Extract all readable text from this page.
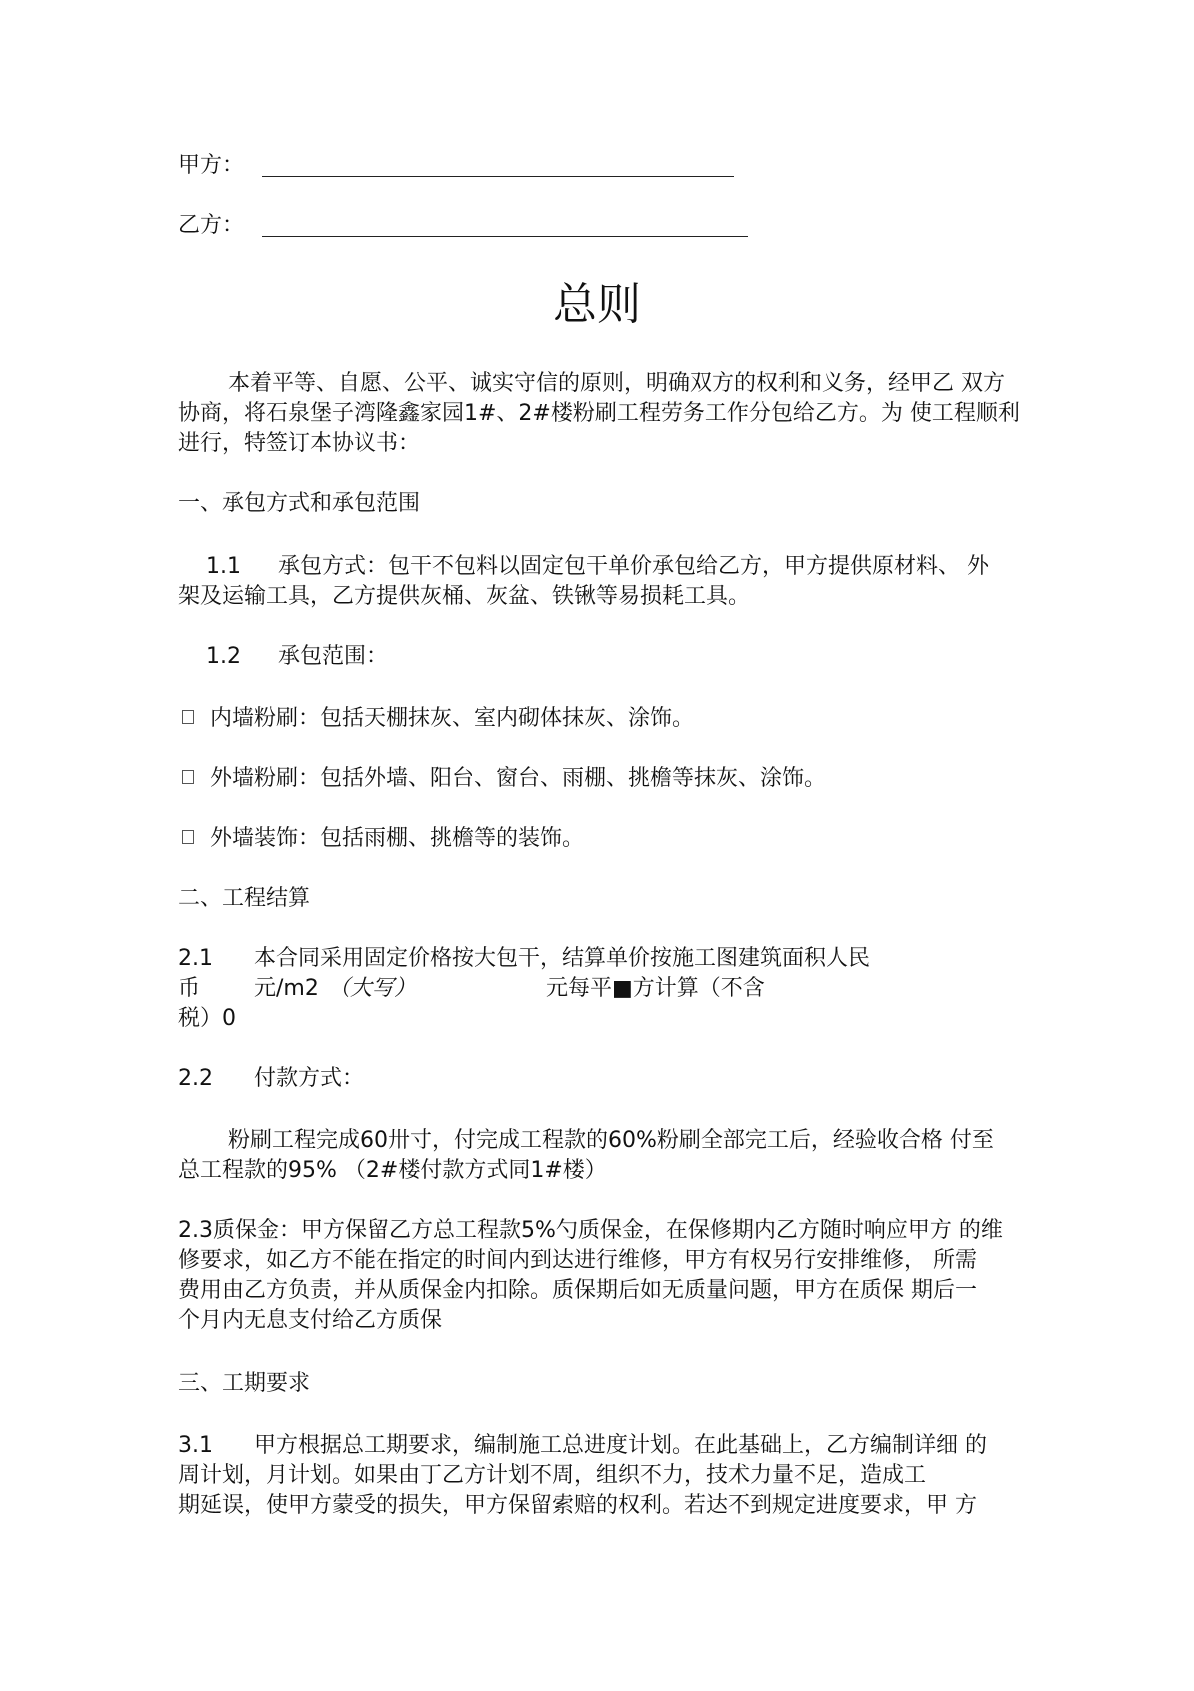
甲方：
乙方：
总则
本着平等、自愿、公平、诚实守信的原则，明确双方的权利和义务，经甲乙 双方
协商，将石泉堡子湾隆鑫家园1#、2#楼粉刷工程劳务工作分包给乙方。为 使工程顺利
进行，特签订本协议书：
一、承包方式和承包范围
1.1 承包方式：包干不包料以固定包干单价承包给乙方，甲方提供原材料、 外
架及运输工具，乙方提供灰桶、灰盆、铁锹等易损耗工具。
1.2 承包范围：
内墙粉刷：包括天棚抹灰、室内砌体抹灰、涂饰。
外墙粉刷：包括外墙、阳台、窗台、雨棚、挑檐等抹灰、涂饰。
外墙装饰：包括雨棚、挑檐等的装饰。
二、工程结算
2.1 本合同采用固定价格按大包干，结算单价按施工图建筑面积人民
币 元/m2 （大写）	元每平■方计算（不含
税）0
2.2 付款方式：
粉刷工程完成60卅寸，付完成工程款的60%粉刷全部完工后，经验收合格 付至
总工程款的95% （2#楼付款方式同1#楼）
2.3质保金：甲方保留乙方总工程款5%勺质保金，在保修期内乙方随时响应甲方 的维
修要求，如乙方不能在指定的时间内到达进行维修，甲方有权另行安排维修， 所需
费用由乙方负责，并从质保金内扣除。质保期后如无质量问题，甲方在质保 期后一
个月内无息支付给乙方质保
三、工期要求
3.1 甲方根据总工期要求，编制施工总进度计划。在此基础上，乙方编制详细 的
周计划，月计划。如果由丁乙方计划不周，组织不力，技术力量不足，造成工
期延误，使甲方蒙受的损失，甲方保留索赔的权利。若达不到规定进度要求，甲 方
